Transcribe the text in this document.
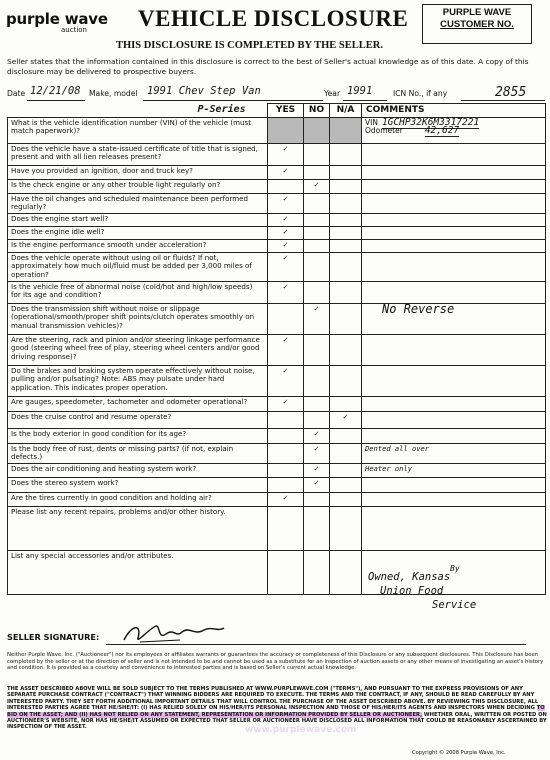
purple wave
auction	VEHICLE DISCLOSURE
THIS DISCLOSURE IS COMPLETED BY THE SELLER.
PURPLE WAVE
CUSTOMER NO.
Seller states that the information contained in this disclosure is correct to the best of Seller's actual knowledge as of this date. A copy of this disclosure may be delivered to prospective buyers.
Date 12/21/08 Make, model 1991 Chev Step Van	Year 1991	ICN No., if any	2855
P-Series	YES	NO	N/A	COMMENTS
What is the vehicle identification number (VIN) of the vehicle (must match paperwork)?				VIN 1GCHP32K6M3317221
Odometer 42,627

Does the vehicle have a state-issued certificate of title that is signed, present and with all lien releases present?	✓			
Have you provided an ignition, door and truck key?	✓			
Is the check engine or any other trouble light regularly on?		✓		
Have the oil changes and scheduled maintenance been performed regularly?	✓			
Does the engine start well?	✓			
Does the engine idle well?	✓			
Is the engine performance smooth under acceleration?	✓			
Does the vehicle operate without using oil or fluids? If not, approximately how much oil/fluid must be added per 3,000 miles of operation?	✓			
Is the vehicle free of abnormal noise (cold/hot and high/low speeds) for its age and condition?	✓			
Does the transmission shift without noise or slippage (operational/smooth/proper shift points/clutch operates smoothly on manual transmission vehicles)?		✓		No Reverse
Are the steering, rack and pinion and/or steering linkage performance good (steering wheel free of play, steering wheel centers and/or good driving response)?	✓			
Do the brakes and braking system operate effectively without noise, pulling and/or pulsating? Note: ABS may pulsate under hard application. This indicates proper operation.	✓			
Are gauges, speedometer, tachometer and odometer operational?	✓			
Does the cruise control and resume operate?			✓	
Is the body exterior in good condition for its age?		✓		
Is the body free of rust, dents or missing parts? (if not, explain defects.)		✓		Dented all over
Does the air conditioning and heating system work?		✓		Heater only
Does the stereo system work?		✓		
Are the tires currently in good condition and holding air?	✓			
Please list any recent repairs, problems and/or other history.				
List any special accessories and/or attributes.				
By
Owned, Kansas
Union Food
Service
SELLER SIGNATURE:
Neither Purple Wave, Inc. ("Auctioneer") nor its employees or affiliates warrants or guarantees the accuracy or completeness of this Disclosure or any subsequent disclosures. This Disclosure has been completed by the seller or at the direction of seller and is not intended to be and cannot be used as a substitute for an inspection of auction assets or any other means of investigating an asset's history and condition. It is provided as a courtesy and convenience to interested parties and is based on Seller's current actual knowledge.
THE ASSET DESCRIBED ABOVE WILL BE SOLD SUBJECT TO THE TERMS PUBLISHED AT WWW.PURPLEWAVE.COM ("TERMS"), AND PURSUANT TO THE EXPRESS PROVISIONS OF ANY SEPARATE PURCHASE CONTRACT ("CONTRACT") THAT WINNING BIDDERS ARE REQUIRED TO EXECUTE. THE TERMS AND THE CONTRACT, IF ANY, SHOULD BE READ CAREFULLY BY ANY INTERESTED PARTY. THEY SET FORTH ADDITIONAL IMPORTANT DETAILS THAT WILL CONTROL THE PURCHASE OF THE ASSET DESCRIBED ABOVE. BY REVIEWING THIS DISCLOSURE, ALL INTERESTED PARTIES AGREE THAT HE/SHE/IT: (I) HAS RELIED SOLELY ON HIS/HER/ITS PERSONAL INSPECTION AND THOSE OF HIS/HER/ITS AGENTS AND INSPECTORS WHEN DECIDING TO BID ON THE ASSET; AND (II) HAS NOT RELIED ON ANY STATEMENT, REPRESENTATION OR INFORMATION PROVIDED BY SELLER OR AUCTIONEER, WHETHER ORAL, WRITTEN OR POSTED ON AUCTIONEER'S WEBSITE, NOR HAS HE/SHE/IT ASSUMED OR EXPECTED THAT SELLER OR AUCTIONEER HAVE DISCLOSED ALL INFORMATION THAT COULD BE REASONABLY ASCERTAINED BY INSPECTION OF THE ASSET.	www.purplewave.com
Copyright © 2008 Purple Wave, Inc.
